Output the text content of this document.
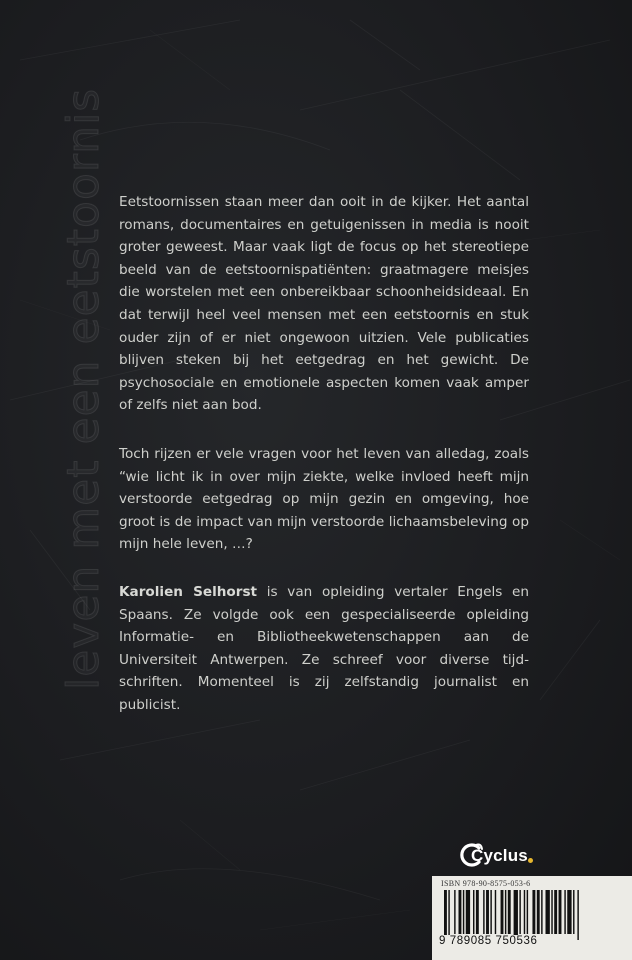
leven met een eetstoornis Eetstoornissen staan meer dan ooit in de kijker. Het aantal romans, documentaires en getuigenissen in media is nooit groter geweest. Maar vaak ligt de focus op het stereotiepe beeld van de eetstoornispatiënten: graatmagere meisjes die worstelen met een onbereikbaar schoonheidsideaal. En dat terwijl heel veel mensen met een eetstoornis en stuk ouder zijn of er niet ongewoon uitzien. Vele publicaties blijven steken bij het eetgedrag en het gewicht. De psychosociale en emotionele aspecten komen vaak amper of zelfs niet aan bod.

Toch rijzen er vele vragen voor het leven van alledag, zoals “wie licht ik in over mijn ziekte, welke invloed heeft mijn verstoorde eetgedrag op mijn gezin en omgeving, hoe groot is de impact van mijn verstoorde lichaamsbeleving op mijn hele leven, …?

Karolien Selhorst is van opleiding vertaler Engels en Spaans. Ze volgde ook een gespecialiseerde opleiding Informatie- en Bibliotheekwetenschappen aan de Universiteit Antwerpen. Ze schreef voor diverse tijdschriften. Momenteel is zij zelfstandig journalist en publicist.

Cyclus
ISBN 978-90-8575-053-6
9 789085 750536
